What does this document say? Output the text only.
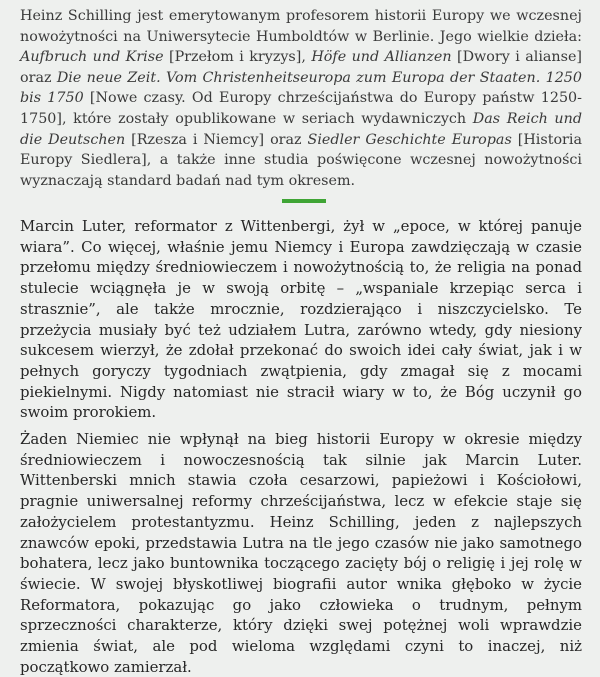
Heinz Schilling jest emerytowanym profesorem historii Europy we wczesnej nowożytności na Uniwersytecie Humboldtów w Berlinie. Jego wielkie dzieła: Aufbruch und Krise [Przełom i kryzys], Höfe und Allianzen [Dwory i alianse] oraz Die neue Zeit. Vom Christenheitseuropa zum Europa der Staaten. 1250 bis 1750 [Nowe czasy. Od Europy chrześcijaństwa do Europy państw 1250-1750], które zostały opublikowane w seriach wydawniczych Das Reich und die Deutschen [Rzesza i Niemcy] oraz Siedler Geschichte Europas [Historia Europy Siedlera], a także inne studia poświęcone wczesnej nowożytności wyznaczają standard badań nad tym okresem.

Marcin Luter, reformator z Wittenbergi, żył w „epoce, w której panuje wiara”. Co więcej, właśnie jemu Niemcy i Europa zawdzięczają w czasie przełomu między średniowieczem i nowożytnością to, że religia na ponad stulecie wciągnęła je w swoją orbitę – „wspaniale krzepiąc serca i strasznie”, ale także mrocznie, rozdzierająco i niszczycielsko. Te przeżycia musiały być też udziałem Lutra, zarówno wtedy, gdy niesiony sukcesem wierzył, że zdołał przekonać do swoich idei cały świat, jak i w pełnych goryczy tygodniach zwątpienia, gdy zmagał się z mocami piekielnymi. Nigdy natomiast nie stracił wiary w to, że Bóg uczynił go swoim prorokiem.

Żaden Niemiec nie wpłynął na bieg historii Europy w okresie między średniowieczem i nowoczesnością tak silnie jak Marcin Luter. Wittenberski mnich stawia czoła cesarzowi, papieżowi i Kościołowi, pragnie uniwersalnej reformy chrześcijaństwa, lecz w efekcie staje się założycielem protestantyzmu. Heinz Schilling, jeden z najlepszych znawców epoki, przedstawia Lutra na tle jego czasów nie jako samotnego bohatera, lecz jako buntownika toczącego zacięty bój o religię i jej rolę w świecie. W swojej błyskotliwej biografii autor wnika głęboko w życie Reformatora, pokazując go jako człowieka o trudnym, pełnym sprzeczności charakterze, który dzięki swej potężnej woli wprawdzie zmienia świat, ale pod wieloma względami czyni to inaczej, niż początkowo zamierzał.
